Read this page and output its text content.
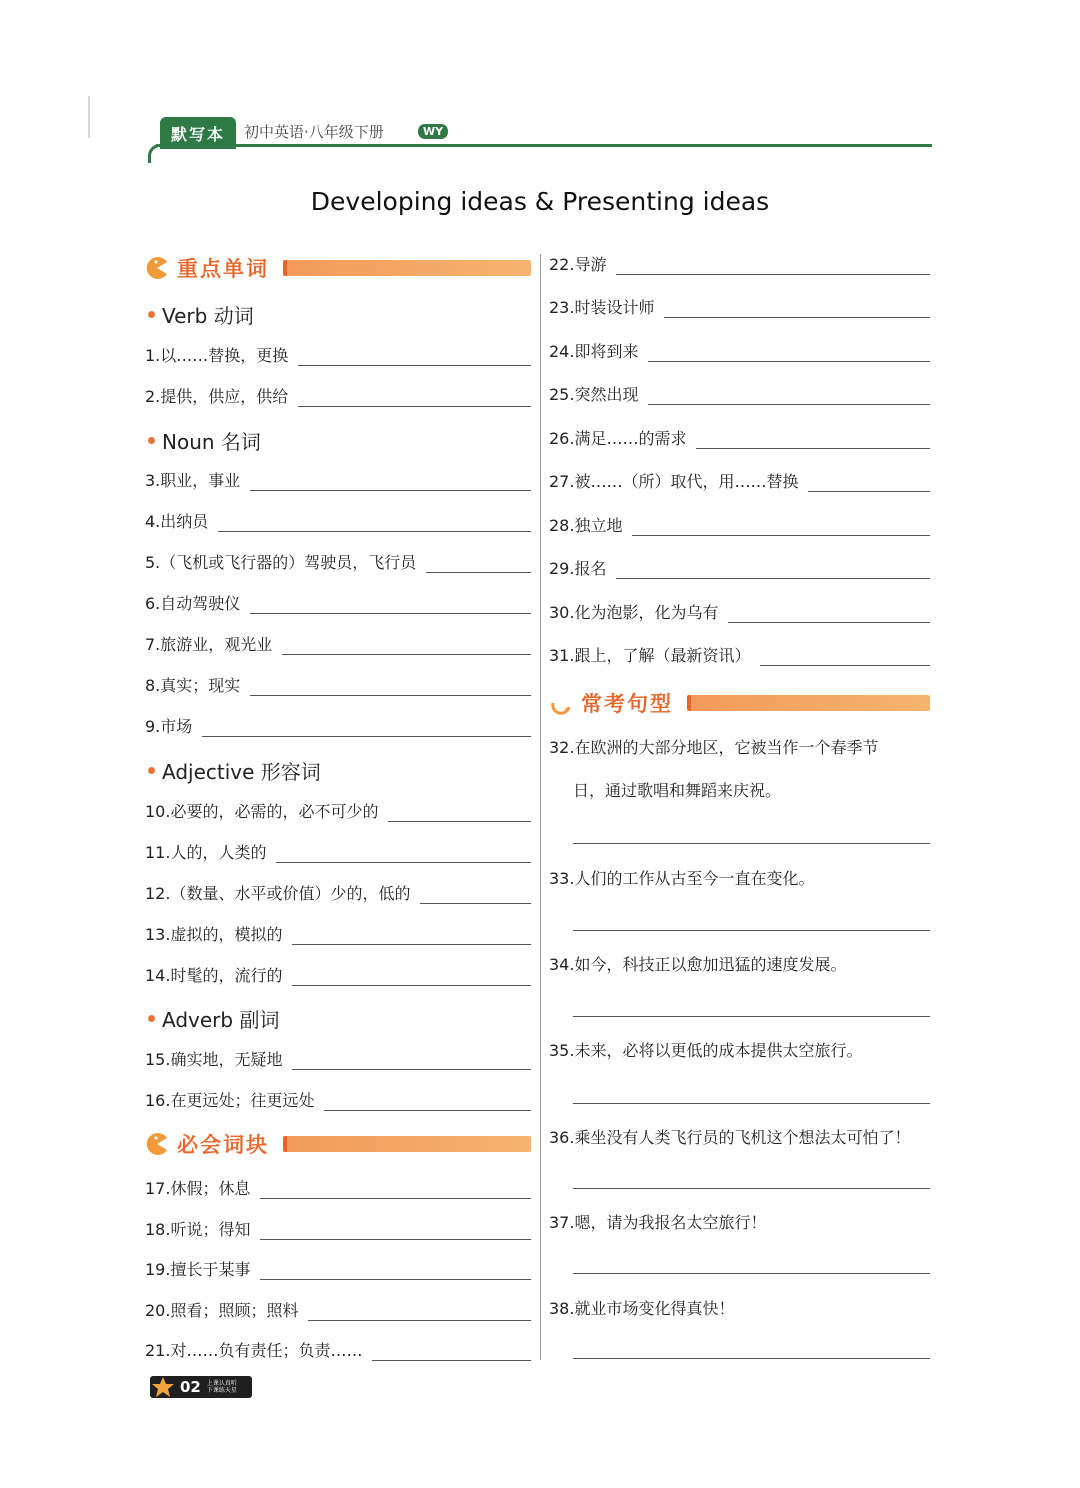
默写本	初中英语·八年级下册	WY
Developing ideas & Presenting ideas
重点单词
Verb 动词
1.以……替换，更换
2.提供，供应，供给
Noun 名词
3.职业，事业
4.出纳员
5.（飞机或飞行器的）驾驶员，飞行员
6.自动驾驶仪
7.旅游业，观光业
8.真实；现实
9.市场
Adjective 形容词
10.必要的，必需的，必不可少的
11.人的，人类的
12.（数量、水平或价值）少的，低的
13.虚拟的，模拟的
14.时髦的，流行的
Adverb 副词
15.确实地，无疑地
16.在更远处；往更远处
必会词块
17.休假；休息
18.听说；得知
19.擅长于某事
20.照看；照顾；照料
21.对……负有责任；负责……
22.导游
23.时装设计师
24.即将到来
25.突然出现
26.满足……的需求
27.被……（所）取代，用……替换
28.独立地
29.报名
30.化为泡影，化为乌有
31.跟上，了解（最新资讯）
常考句型
32.在欧洲的大部分地区，它被当作一个春季节
日，通过歌唱和舞蹈来庆祝。
33.人们的工作从古至今一直在变化。
34.如今，科技正以愈加迅猛的速度发展。
35.未来，必将以更低的成本提供太空旅行。
36.乘坐没有人类飞行员的飞机这个想法太可怕了！
37.嗯，请为我报名太空旅行！
38.就业市场变化得真快！
02 上课认真听
下课练天星
